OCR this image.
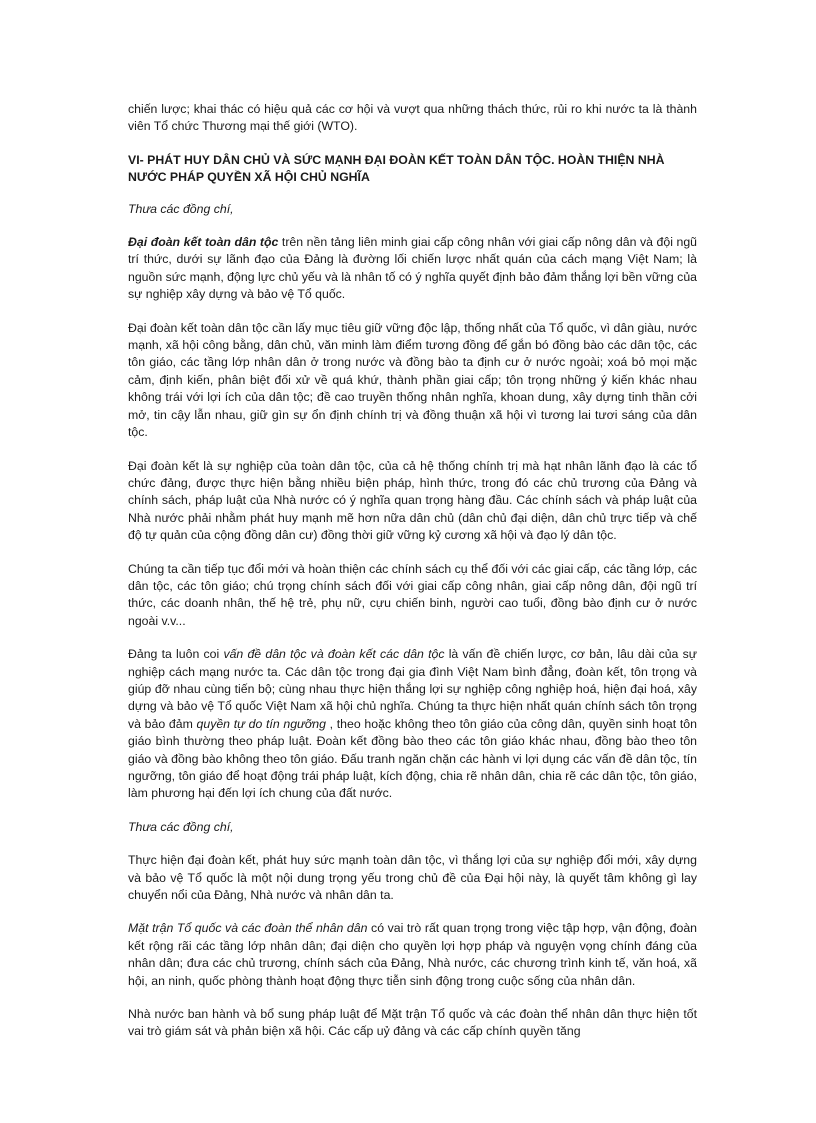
chiến lược; khai thác có hiệu quả các cơ hội và vượt qua những thách thức, rủi ro khi nước ta là thành viên Tổ chức Thương mại thế giới (WTO).

VI- PHÁT HUY DÂN CHỦ VÀ SỨC MẠNH ĐẠI ĐOÀN KẾT TOÀN DÂN TỘC. HOÀN THIỆN NHÀ NƯỚC PHÁP QUYỀN XÃ HỘI CHỦ NGHĨA

Thưa các đồng chí,

Đại đoàn kết toàn dân tộc trên nền tảng liên minh giai cấp công nhân với giai cấp nông dân và đội ngũ trí thức, dưới sự lãnh đạo của Đảng là đường lối chiến lược nhất quán của cách mạng Việt Nam; là nguồn sức mạnh, động lực chủ yếu và là nhân tố có ý nghĩa quyết định bảo đảm thắng lợi bền vững của sự nghiệp xây dựng và bảo vệ Tổ quốc.

Đại đoàn kết toàn dân tộc cần lấy mục tiêu giữ vững độc lập, thống nhất của Tổ quốc, vì dân giàu, nước mạnh, xã hội công bằng, dân chủ, văn minh làm điểm tương đồng để gắn bó đồng bào các dân tộc, các tôn giáo, các tầng lớp nhân dân ở trong nước và đồng bào ta định cư ở nước ngoài; xoá bỏ mọi mặc cảm, định kiến, phân biệt đối xử về quá khứ, thành phần giai cấp; tôn trọng những ý kiến khác nhau không trái với lợi ích của dân tộc; đề cao truyền thống nhân nghĩa, khoan dung, xây dựng tinh thần cởi mở, tin cậy lẫn nhau, giữ gìn sự ổn định chính trị và đồng thuận xã hội vì tương lai tươi sáng của dân tộc.

Đại đoàn kết là sự nghiệp của toàn dân tộc, của cả hệ thống chính trị mà hạt nhân lãnh đạo là các tổ chức đảng, được thực hiện bằng nhiều biện pháp, hình thức, trong đó các chủ trương của Đảng và chính sách, pháp luật của Nhà nước có ý nghĩa quan trọng hàng đầu. Các chính sách và pháp luật của Nhà nước phải nhằm phát huy mạnh mẽ hơn nữa dân chủ (dân chủ đại diện, dân chủ trực tiếp và chế độ tự quản của cộng đồng dân cư) đồng thời giữ vững kỷ cương xã hội và đạo lý dân tộc.

Chúng ta cần tiếp tục đổi mới và hoàn thiện các chính sách cụ thể đối với các giai cấp, các tầng lớp, các dân tộc, các tôn giáo; chú trọng chính sách đối với giai cấp công nhân, giai cấp nông dân, đội ngũ trí thức, các doanh nhân, thế hệ trẻ, phụ nữ, cựu chiến binh, người cao tuổi, đồng bào định cư ở nước ngoài v.v...

Đảng ta luôn coi vấn đề dân tộc và đoàn kết các dân tộc là vấn đề chiến lược, cơ bản, lâu dài của sự nghiệp cách mạng nước ta. Các dân tộc trong đại gia đình Việt Nam bình đẳng, đoàn kết, tôn trọng và giúp đỡ nhau cùng tiến bộ; cùng nhau thực hiện thắng lợi sự nghiệp công nghiệp hoá, hiện đại hoá, xây dựng và bảo vệ Tổ quốc Việt Nam xã hội chủ nghĩa. Chúng ta thực hiện nhất quán chính sách tôn trọng và bảo đảm quyền tự do tín ngưỡng , theo hoặc không theo tôn giáo của công dân, quyền sinh hoạt tôn giáo bình thường theo pháp luật. Đoàn kết đồng bào theo các tôn giáo khác nhau, đồng bào theo tôn giáo và đồng bào không theo tôn giáo. Đấu tranh ngăn chặn các hành vi lợi dụng các vấn đề dân tộc, tín ngưỡng, tôn giáo để hoạt động trái pháp luật, kích động, chia rẽ nhân dân, chia rẽ các dân tộc, tôn giáo, làm phương hại đến lợi ích chung của đất nước.

Thưa các đồng chí,

Thực hiện đại đoàn kết, phát huy sức mạnh toàn dân tộc, vì thắng lợi của sự nghiệp đổi mới, xây dựng và bảo vệ Tổ quốc là một nội dung trọng yếu trong chủ đề của Đại hội này, là quyết tâm không gì lay chuyển nổi của Đảng, Nhà nước và nhân dân ta.

Mặt trận Tổ quốc và các đoàn thể nhân dân có vai trò rất quan trọng trong việc tập hợp, vận động, đoàn kết rộng rãi các tầng lớp nhân dân; đại diện cho quyền lợi hợp pháp và nguyện vọng chính đáng của nhân dân; đưa các chủ trương, chính sách của Đảng, Nhà nước, các chương trình kinh tế, văn hoá, xã hội, an ninh, quốc phòng thành hoạt động thực tiễn sinh động trong cuộc sống của nhân dân.

Nhà nước ban hành và bổ sung pháp luật để Mặt trận Tổ quốc và các đoàn thể nhân dân thực hiện tốt vai trò giám sát và phản biện xã hội. Các cấp uỷ đảng và các cấp chính quyền tăng
